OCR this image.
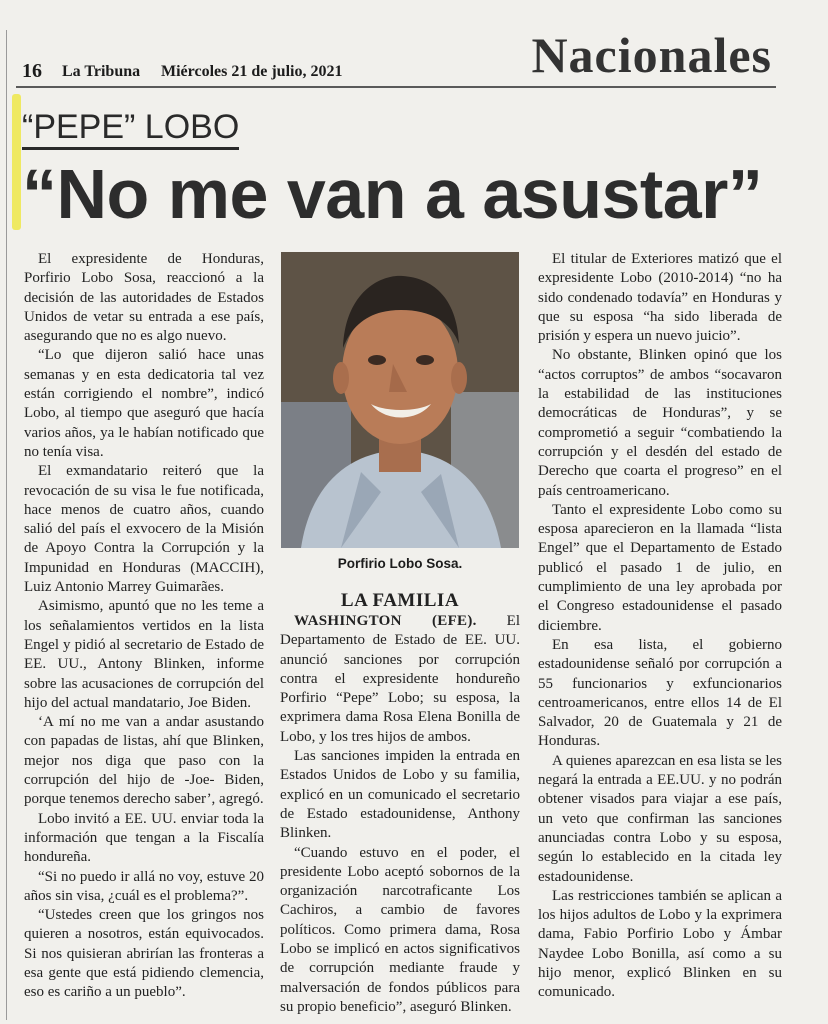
16 La Tribuna Miércoles 21 de julio, 2021	Nacionales
“PEPE” LOBO
“No me van a asustar”

El expresidente de Honduras, Porfirio Lobo Sosa, reaccionó a la decisión de las autoridades de Estados Unidos de vetar su entrada a ese país, asegurando que no es algo nuevo.

“Lo que dijeron salió hace unas semanas y en esta dedicatoria tal vez están corrigiendo el nombre”, indicó Lobo, al tiempo que aseguró que hacía varios años, ya le habían notificado que no tenía visa.

El exmandatario reiteró que la revocación de su visa le fue notificada, hace menos de cuatro años, cuando salió del país el exvocero de la Misión de Apoyo Contra la Corrupción y la Impunidad en Honduras (MACCIH), Luiz Antonio Marrey Guimarães.

Asimismo, apuntó que no les teme a los señalamientos vertidos en la lista Engel y pidió al secretario de Estado de EE. UU., Antony Blinken, informe sobre las acusaciones de corrupción del hijo del actual mandatario, Joe Biden.

‘A mí no me van a andar asustando con papadas de listas, ahí que Blinken, mejor nos diga que paso con la corrupción del hijo de -Joe- Biden, porque tenemos derecho saber’, agregó.

Lobo invitó a EE. UU. enviar toda la información que tengan a la Fiscalía hondureña.

“Si no puedo ir allá no voy, estuve 20 años sin visa, ¿cuál es el problema?”.

“Ustedes creen que los gringos nos quieren a nosotros, están equivocados. Si nos quisieran abrirían las fronteras a esa gente que está pidiendo clemencia, eso es cariño a un pueblo”.

Porfirio Lobo Sosa.
LA FAMILIA

WASHINGTON (EFE). El Departamento de Estado de EE. UU. anunció sanciones por corrupción contra el expresidente hondureño Porfirio “Pepe” Lobo; su esposa, la exprimera dama Rosa Elena Bonilla de Lobo, y los tres hijos de ambos.

Las sanciones impiden la entrada en Estados Unidos de Lobo y su familia, explicó en un comunicado el secretario de Estado estadounidense, Anthony Blinken.

“Cuando estuvo en el poder, el presidente Lobo aceptó sobornos de la organización narcotraficante Los Cachiros, a cambio de favores políticos. Como primera dama, Rosa Lobo se implicó en actos significativos de corrupción mediante fraude y malversación de fondos públicos para su propio beneficio”, aseguró Blinken.

El titular de Exteriores matizó que el expresidente Lobo (2010-2014) “no ha sido condenado todavía” en Honduras y que su esposa “ha sido liberada de prisión y espera un nuevo juicio”.

No obstante, Blinken opinó que los “actos corruptos” de ambos “socavaron la estabilidad de las instituciones democráticas de Honduras”, y se comprometió a seguir “combatiendo la corrupción y el desdén del estado de Derecho que coarta el progreso” en el país centroamericano.

Tanto el expresidente Lobo como su esposa aparecieron en la llamada “lista Engel” que el Departamento de Estado publicó el pasado 1 de julio, en cumplimiento de una ley aprobada por el Congreso estadounidense el pasado diciembre.

En esa lista, el gobierno estadounidense señaló por corrupción a 55 funcionarios y exfuncionarios centroamericanos, entre ellos 14 de El Salvador, 20 de Guatemala y 21 de Honduras.

A quienes aparezcan en esa lista se les negará la entrada a EE.UU. y no podrán obtener visados para viajar a ese país, un veto que confirman las sanciones anunciadas contra Lobo y su esposa, según lo establecido en la citada ley estadounidense.

Las restricciones también se aplican a los hijos adultos de Lobo y la exprimera dama, Fabio Porfirio Lobo y Ámbar Naydee Lobo Bonilla, así como a su hijo menor, explicó Blinken en su comunicado.
